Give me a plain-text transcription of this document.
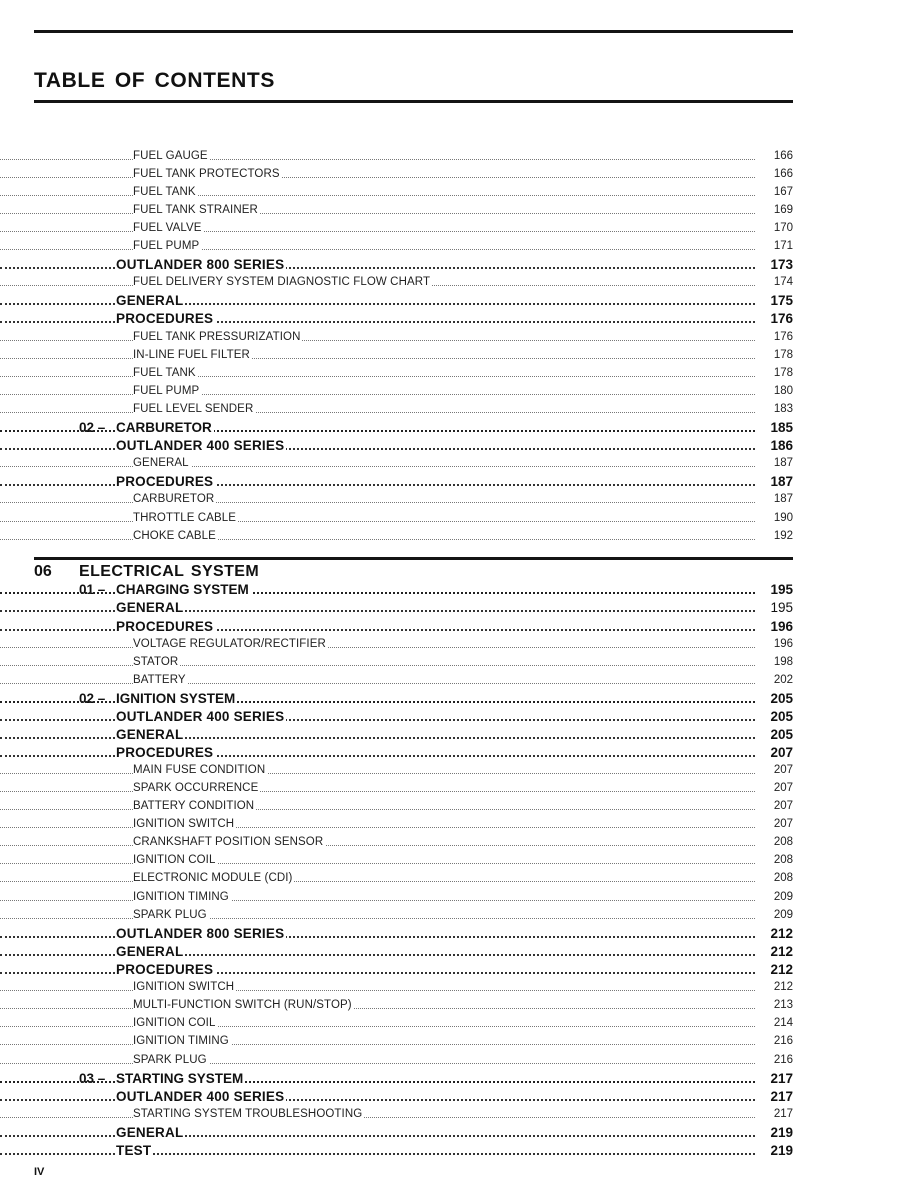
TABLE OF CONTENTS
FUEL GAUGE	166
FUEL TANK PROTECTORS	166
FUEL TANK	167
FUEL TANK STRAINER	169
FUEL VALVE	170
FUEL PUMP	171
OUTLANDER 800 SERIES	173
FUEL DELIVERY SYSTEM DIAGNOSTIC FLOW CHART	174
GENERAL	175
PROCEDURES	176
FUEL TANK PRESSURIZATION	176
IN-LINE FUEL FILTER	178
FUEL TANK	178
FUEL PUMP	180
FUEL LEVEL SENDER	183
02 – CARBURETOR	185
OUTLANDER 400 SERIES	186
GENERAL	187
PROCEDURES	187
CARBURETOR	187
THROTTLE CABLE	190
CHOKE CABLE	192
01 – CHARGING SYSTEM	195
GENERAL	195
PROCEDURES	196
VOLTAGE REGULATOR/RECTIFIER	196
STATOR	198
BATTERY	202
02 – IGNITION SYSTEM	205
OUTLANDER 400 SERIES	205
GENERAL	205
PROCEDURES	207
MAIN FUSE CONDITION	207
SPARK OCCURRENCE	207
BATTERY CONDITION	207
IGNITION SWITCH	207
CRANKSHAFT POSITION SENSOR	208
IGNITION COIL	208
ELECTRONIC MODULE (CDI)	208
IGNITION TIMING	209
SPARK PLUG	209
OUTLANDER 800 SERIES	212
GENERAL	212
PROCEDURES	212
IGNITION SWITCH	212
MULTI-FUNCTION SWITCH (RUN/STOP)	213
IGNITION COIL	214
IGNITION TIMING	216
SPARK PLUG	216
03 – STARTING SYSTEM	217
OUTLANDER 400 SERIES	217
STARTING SYSTEM TROUBLESHOOTING	217
GENERAL	219
TEST	219
06	ELECTRICAL SYSTEM
IV
